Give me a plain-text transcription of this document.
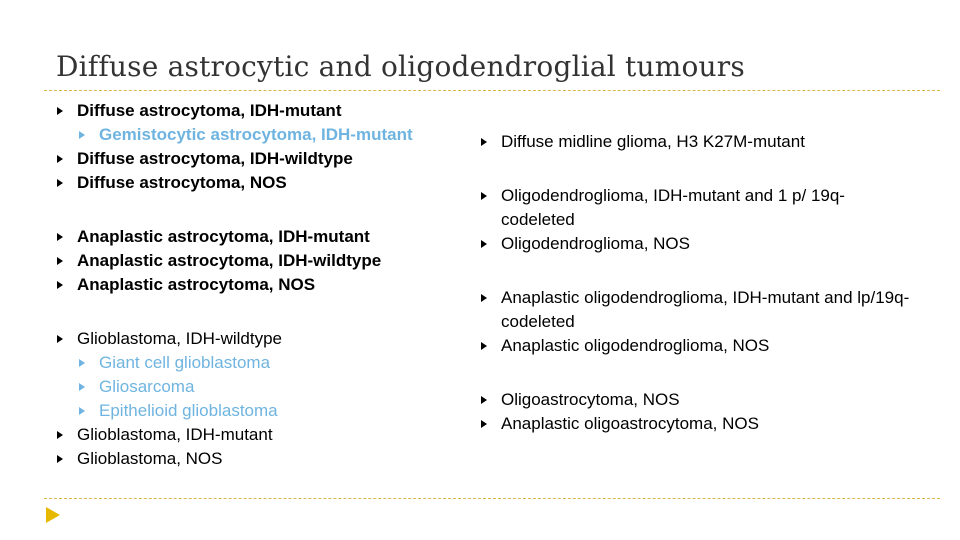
Diffuse astrocytic and oligodendroglial tumours
Diffuse astrocytoma, IDH-mutant
Gemistocytic astrocytoma, IDH-mutant
Diffuse astrocytoma, IDH-wildtype
Diffuse astrocytoma, NOS
Anaplastic astrocytoma, IDH-mutant
Anaplastic astrocytoma, IDH-wildtype
Anaplastic astrocytoma, NOS
Glioblastoma, IDH-wildtype
Giant cell glioblastoma
Gliosarcoma
Epithelioid glioblastoma
Glioblastoma, IDH-mutant
Glioblastoma, NOS
Diffuse midline glioma, H3 K27M-mutant
Oligodendroglioma, IDH-mutant and 1 p/ 19q-codeleted
Oligodendroglioma, NOS
Anaplastic oligodendroglioma, IDH-mutant and lp/19q-codeleted
Anaplastic oligodendroglioma, NOS
Oligoastrocytoma, NOS
Anaplastic oligoastrocytoma, NOS
